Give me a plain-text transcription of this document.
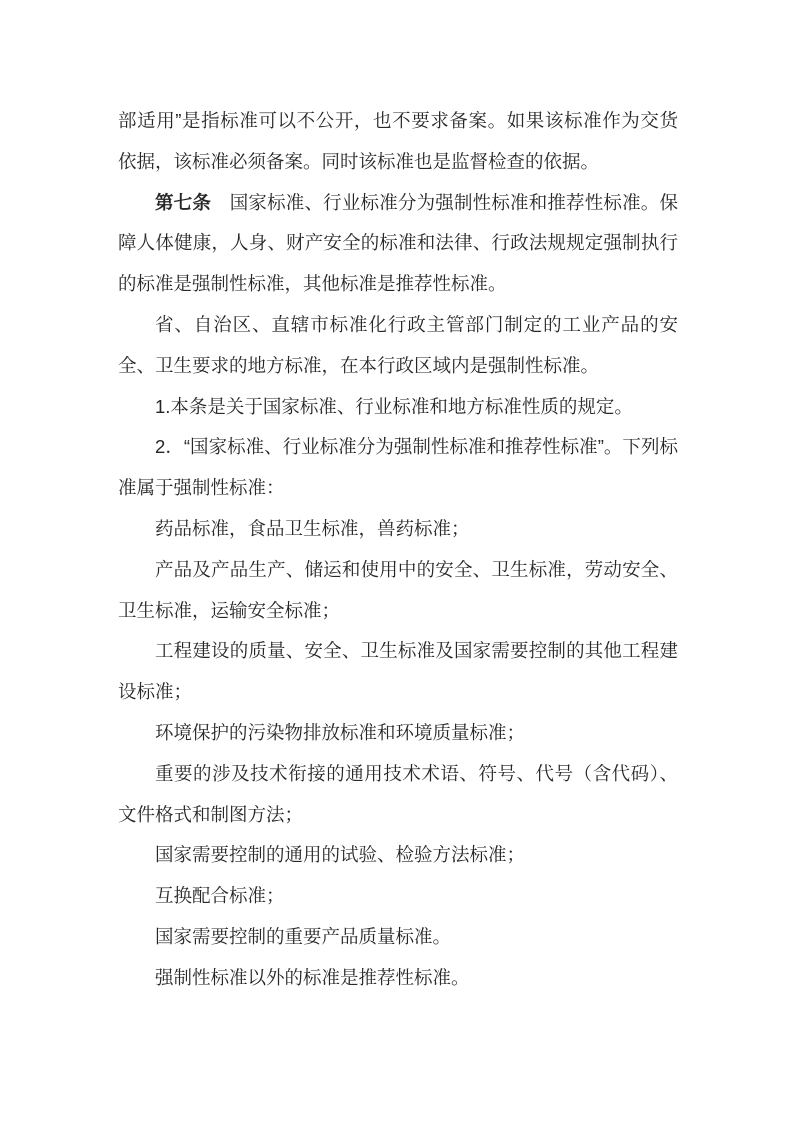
部适用”是指标准可以不公开，也不要求备案。如果该标准作为交货依据，该标准必须备案。同时该标准也是监督检查的依据。

第七条　国家标准、行业标准分为强制性标准和推荐性标准。保障人体健康，人身、财产安全的标准和法律、行政法规规定强制执行的标准是强制性标准，其他标准是推荐性标准。

省、自治区、直辖市标准化行政主管部门制定的工业产品的安全、卫生要求的地方标准，在本行政区域内是强制性标准。

1.本条是关于国家标准、行业标准和地方标准性质的规定。

2．“国家标准、行业标准分为强制性标准和推荐性标准”。下列标准属于强制性标准：

药品标准，食品卫生标准，兽药标准；

产品及产品生产、储运和使用中的安全、卫生标准，劳动安全、卫生标准，运输安全标准；

工程建设的质量、安全、卫生标准及国家需要控制的其他工程建设标准；

环境保护的污染物排放标准和环境质量标准；

重要的涉及技术衔接的通用技术术语、符号、代号（含代码）、文件格式和制图方法；

国家需要控制的通用的试验、检验方法标准；

互换配合标准；

国家需要控制的重要产品质量标准。

强制性标准以外的标准是推荐性标准。
